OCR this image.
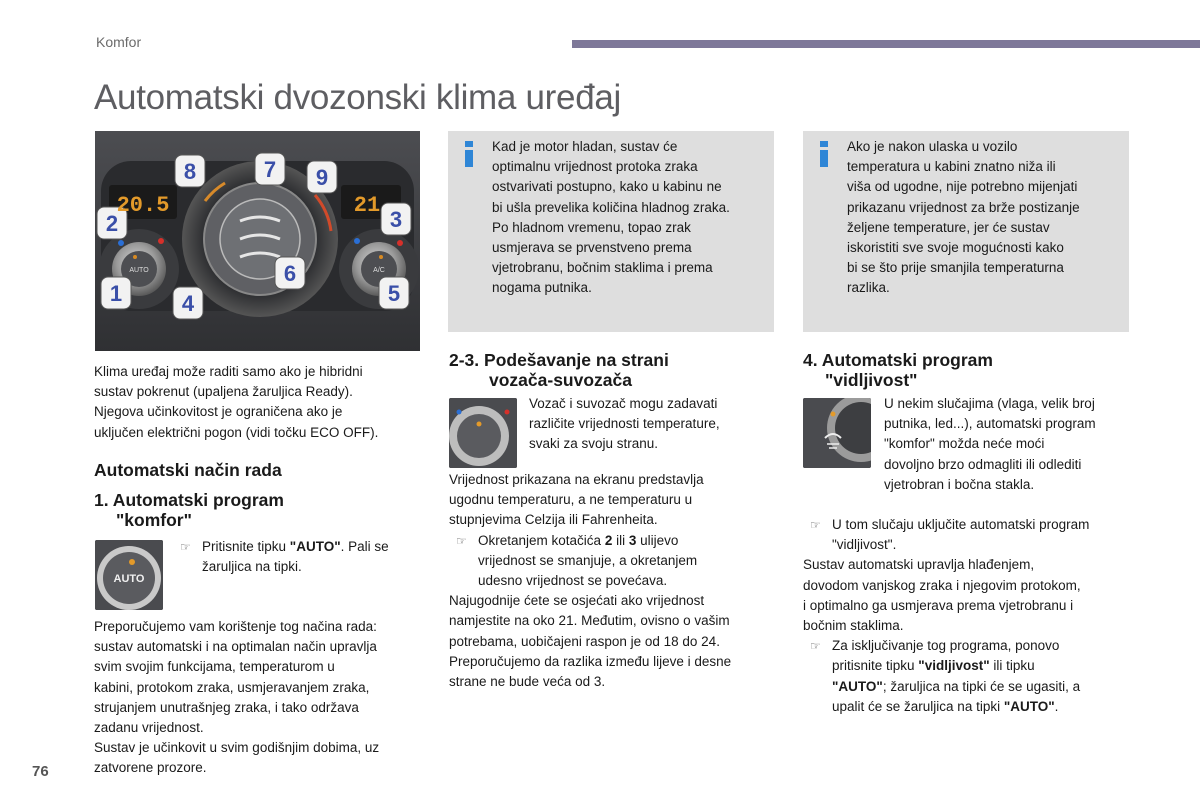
Komfor
Automatski dvozonski klima uređaj
1
2	3
4	5
6
7
8	9
20.5	21
AUTO	A/C

Kad je motor hladan, sustav će

optimalnu vrijednost protoka zraka

ostvarivati postupno, kako u kabinu ne

bi ušla prevelika količina hladnog zraka.

Po hladnom vremenu, topao zrak

usmjerava se prvenstveno prema

vjetrobranu, bočnim staklima i prema

nogama putnika.

Ako je nakon ulaska u vozilo

temperatura u kabini znatno niža ili

viša od ugodne, nije potrebno mijenjati

prikazanu vrijednost za brže postizanje

željene temperature, jer će sustav

iskoristiti sve svoje mogućnosti kako

bi se što prije smanjila temperaturna

razlika.

Klima uređaj može raditi samo ako je hibridni

sustav pokrenut (upaljena žaruljica Ready).

Njegova učinkovitost je ograničena ako je

uključen električni pogon (vidi točku ECO OFF).

Automatski način rada
1. Automatski program
"komfor"
AUTO

☞ Pritisnite tipku "AUTO". Pali se

žaruljica na tipki.

Preporučujemo vam korištenje tog načina rada:

sustav automatski i na optimalan način upravlja

svim svojim funkcijama, temperaturom u

kabini, protokom zraka, usmjeravanjem zraka,

strujanjem unutrašnjeg zraka, i tako održava

zadanu vrijednost.

Sustav je učinkovit u svim godišnjim dobima, uz

zatvorene prozore.

2-3. Podešavanje na strani
vozača-suvozača

Vozač i suvozač mogu zadavati

različite vrijednosti temperature,

svaki za svoju stranu.

Vrijednost prikazana na ekranu predstavlja

ugodnu temperaturu, a ne temperaturu u

stupnjevima Celzija ili Fahrenheita.

☞ Okretanjem kotačića 2 ili 3 ulijevo

vrijednost se smanjuje, a okretanjem

udesno vrijednost se povećava.

Najugodnije ćete se osjećati ako vrijednost

namjestite na oko 21. Međutim, ovisno o vašim

potrebama, uobičajeni raspon je od 18 do 24.

Preporučujemo da razlika između lijeve i desne

strane ne bude veća od 3.

4. Automatski program
"vidljivost"

U nekim slučajima (vlaga, velik broj

putnika, led...), automatski program

"komfor" možda neće moći

dovoljno brzo odmagliti ili odlediti

vjetrobran i bočna stakla.

☞ U tom slučaju uključite automatski program

"vidljivost".

Sustav automatski upravlja hlađenjem,

dovodom vanjskog zraka i njegovim protokom,

i optimalno ga usmjerava prema vjetrobranu i

bočnim staklima.

☞ Za isključivanje tog programa, ponovo

pritisnite tipku "vidljivost" ili tipku

"AUTO"; žaruljica na tipki će se ugasiti, a

upalit će se žaruljica na tipki "AUTO".

76
